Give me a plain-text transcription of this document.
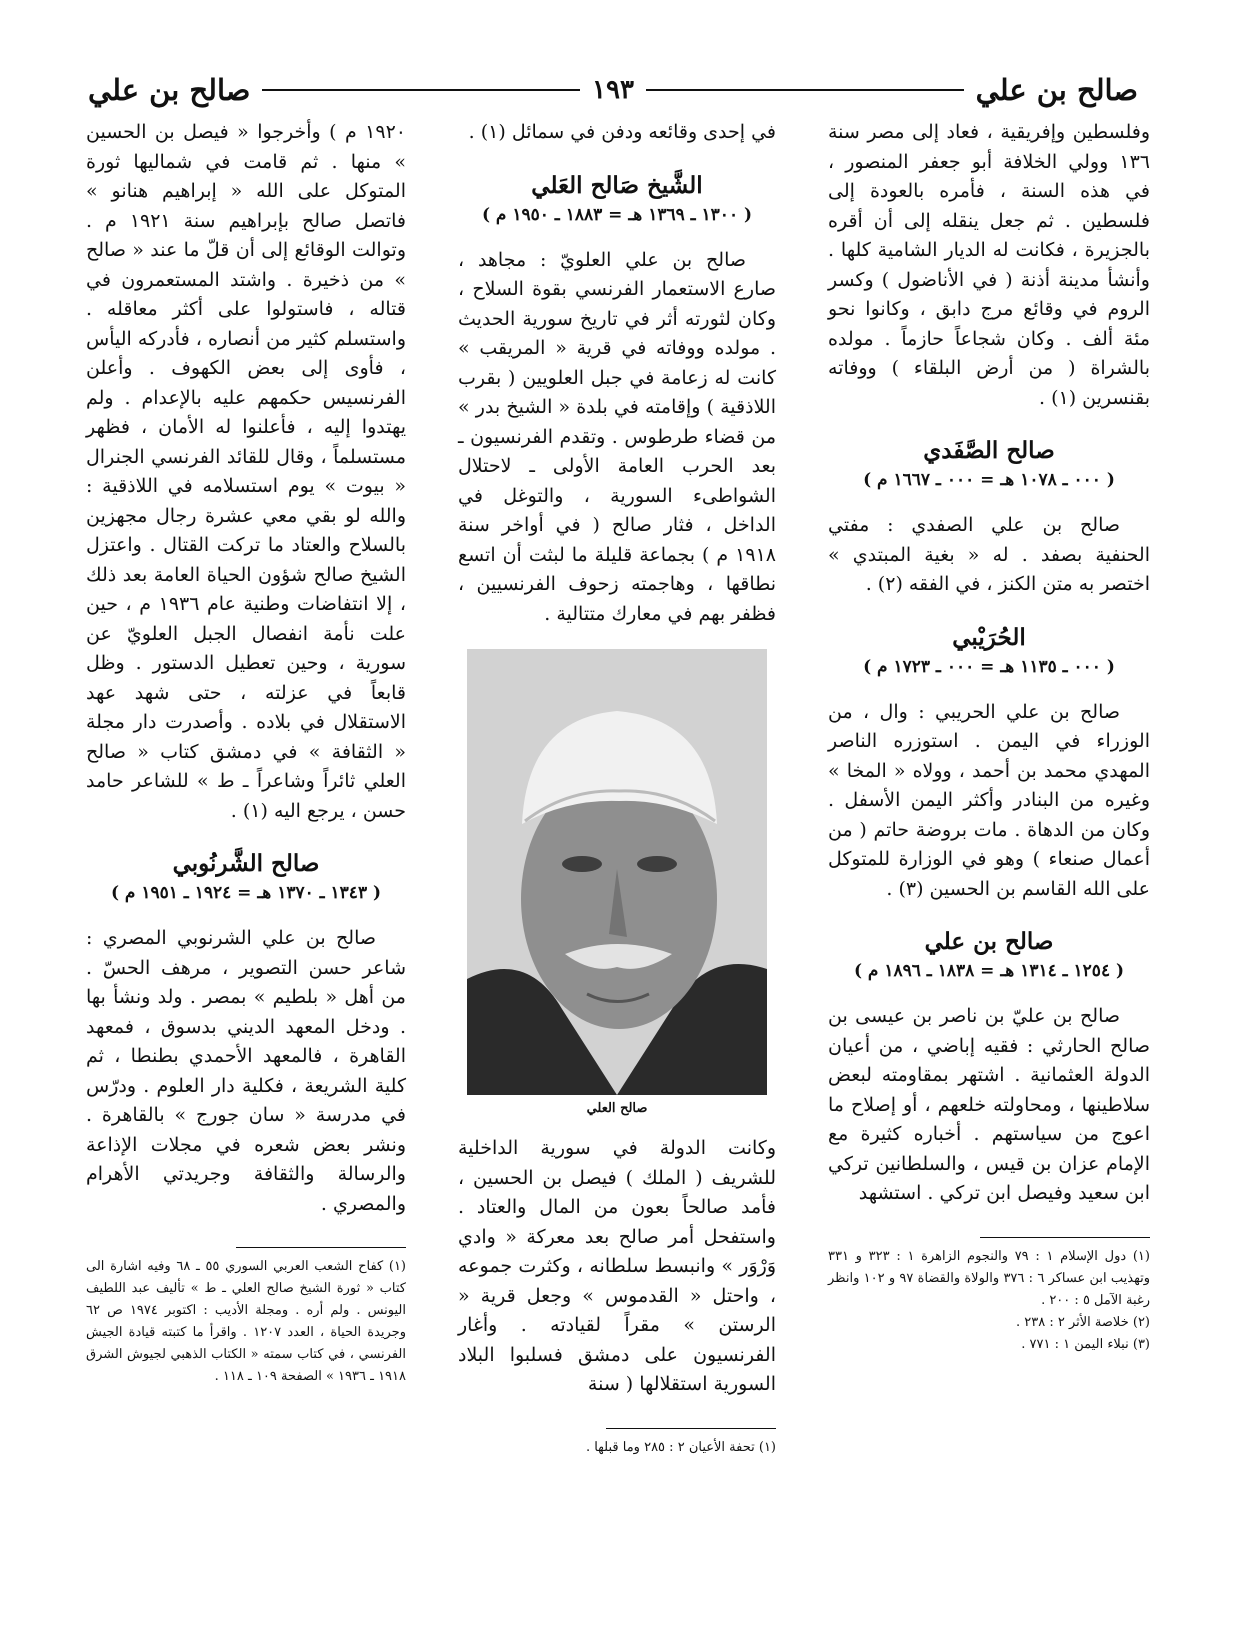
صالح بن علي
١٩٣
صالح بن علي

وفلسطين وإفريقية ، فعاد إلى مصر سنة ١٣٦ وولي الخلافة أبو جعفر المنصور ، في هذه السنة ، فأمره بالعودة إلى فلسطين . ثم جعل ينقله إلى أن أقره بالجزيرة ، فكانت له الديار الشامية كلها . وأنشأ مدينة أذنة ( في الأناضول ) وكسر الروم في وقائع مرج دابق ، وكانوا نحو مئة ألف . وكان شجاعاً حازماً . مولده بالشراة ( من أرض البلقاء ) ووفاته بقنسرين (١) .

صالح الصَّفَدي
( ٠٠٠ ـ ١٠٧٨ هـ = ٠٠٠ ـ ١٦٦٧ م )

صالح بن علي الصفدي : مفتي الحنفية بصفد . له « بغية المبتدي » اختصر به متن الكنز ، في الفقه (٢) .

الحُرَيْبي
( ٠٠٠ ـ ١١٣٥ هـ = ٠٠٠ ـ ١٧٢٣ م )

صالح بن علي الحريبي : وال ، من الوزراء في اليمن . استوزره الناصر المهدي محمد بن أحمد ، وولاه « المخا » وغيره من البنادر وأكثر اليمن الأسفل . وكان من الدهاة . مات بروضة حاتم ( من أعمال صنعاء ) وهو في الوزارة للمتوكل على الله القاسم بن الحسين (٣) .

صالح بن علي
( ١٢٥٤ ـ ١٣١٤ هـ = ١٨٣٨ ـ ١٨٩٦ م )

صالح بن عليّ بن ناصر بن عيسى بن صالح الحارثي : فقيه إباضي ، من أعيان الدولة العثمانية . اشتهر بمقاومته لبعض سلاطينها ، ومحاولته خلعهم ، أو إصلاح ما اعوج من سياستهم . أخباره كثيرة مع الإمام عزان بن قيس ، والسلطانين تركي ابن سعيد وفيصل ابن تركي . استشهد

(١) دول الإسلام ١ : ٧٩ والنجوم الزاهرة ١ : ٣٢٣ و ٣٣١ وتهذيب ابن عساكر ٦ : ٣٧٦ والولاة والقضاة ٩٧ و ١٠٢ وانظر رغبة الآمل ٥ : ٢٠٠ .
(٢) خلاصة الأثر ٢ : ٢٣٨ .
(٣) نبلاء اليمن ١ : ٧٧١ .

في إحدى وقائعه ودفن في سمائل (١) .

الشَّيخ صَالح العَلي
( ١٣٠٠ ـ ١٣٦٩ هـ = ١٨٨٣ ـ ١٩٥٠ م )

صالح بن علي العلويّ : مجاهد ، صارع الاستعمار الفرنسي بقوة السلاح ، وكان لثورته أثر في تاريخ سورية الحديث . مولده ووفاته في قرية « المريقب » كانت له زعامة في جبل العلويين ( بقرب اللاذقية ) وإقامته في بلدة « الشيخ بدر » من قضاء طرطوس . وتقدم الفرنسيون ـ بعد الحرب العامة الأولى ـ لاحتلال الشواطىء السورية ، والتوغل في الداخل ، فثار صالح ( في أواخر سنة ١٩١٨ م ) بجماعة قليلة ما لبثت أن اتسع نطاقها ، وهاجمته زحوف الفرنسيين ، فظفر بهم في معارك متتالية .

صالح العلي

وكانت الدولة في سورية الداخلية للشريف ( الملك ) فيصل بن الحسين ، فأمد صالحاً بعون من المال والعتاد . واستفحل أمر صالح بعد معركة « وادي وَرْوَر » وانبسط سلطانه ، وكثرت جموعه ، واحتل « القدموس » وجعل قرية « الرستن » مقراً لقيادته . وأغار الفرنسيون على دمشق فسلبوا البلاد السورية استقلالها ( سنة

(١) تحفة الأعيان ٢ : ٢٨٥ وما قبلها .

١٩٢٠ م ) وأخرجوا « فيصل بن الحسين » منها . ثم قامت في شماليها ثورة المتوكل على الله « إبراهيم هنانو » فاتصل صالح بإبراهيم سنة ١٩٢١ م . وتوالت الوقائع إلى أن قلّ ما عند « صالح » من ذخيرة . واشتد المستعمرون في قتاله ، فاستولوا على أكثر معاقله . واستسلم كثير من أنصاره ، فأدركه اليأس ، فأوى إلى بعض الكهوف . وأعلن الفرنسيس حكمهم عليه بالإعدام . ولم يهتدوا إليه ، فأعلنوا له الأمان ، فظهر مستسلماً ، وقال للقائد الفرنسي الجنرال « بيوت » يوم استسلامه في اللاذقية : والله لو بقي معي عشرة رجال مجهزين بالسلاح والعتاد ما تركت القتال . واعتزل الشيخ صالح شؤون الحياة العامة بعد ذلك ، إلا انتفاضات وطنية عام ١٩٣٦ م ، حين علت نأمة انفصال الجبل العلويّ عن سورية ، وحين تعطيل الدستور . وظل قابعاً في عزلته ، حتى شهد عهد الاستقلال في بلاده . وأصدرت دار مجلة « الثقافة » في دمشق كتاب « صالح العلي ثائراً وشاعراً ـ ط » للشاعر حامد حسن ، يرجع اليه (١) .

صالح الشَّرنُوبي
( ١٣٤٣ ـ ١٣٧٠ هـ = ١٩٢٤ ـ ١٩٥١ م )

صالح بن علي الشرنوبي المصري : شاعر حسن التصوير ، مرهف الحسّ . من أهل « بلطيم » بمصر . ولد ونشأ بها . ودخل المعهد الديني بدسوق ، فمعهد القاهرة ، فالمعهد الأحمدي بطنطا ، ثم كلية الشريعة ، فكلية دار العلوم . ودرّس في مدرسة « سان جورج » بالقاهرة . ونشر بعض شعره في مجلات الإذاعة والرسالة والثقافة وجريدتي الأهرام والمصري .

(١) كفاح الشعب العربي السوري ٥٥ ـ ٦٨ وفيه اشارة الى كتاب « ثورة الشيخ صالح العلي ـ ط » تأليف عبد اللطيف اليونس . ولم أره . ومجلة الأديب : اكتوبر ١٩٧٤ ص ٦٢ وجريدة الحياة ، العدد ١٢٠٧ . واقرأ ما كتبته قيادة الجيش الفرنسي ، في كتاب سمته « الكتاب الذهبي لجيوش الشرق ١٩١٨ ـ ١٩٣٦ » الصفحة ١٠٩ ـ ١١٨ .
